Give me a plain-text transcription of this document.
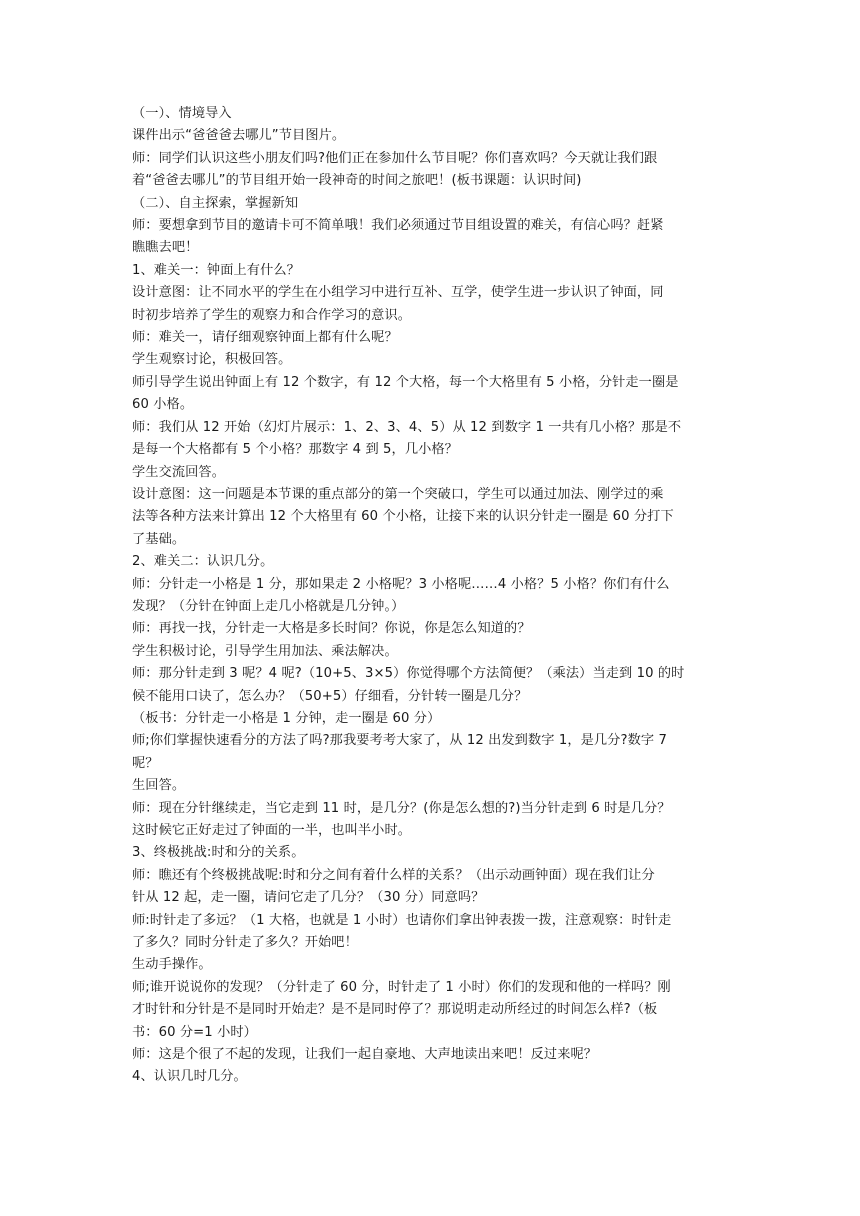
（一）、情境导入

课件出示“爸爸爸去哪儿”节目图片。

师：同学们认识这些小朋友们吗?他们正在参加什么节目呢？你们喜欢吗？今天就让我们跟

着“爸爸去哪儿”的节目组开始一段神奇的时间之旅吧！(板书课题：认识时间)

（二）、自主探索，掌握新知

师：要想拿到节目的邀请卡可不简单哦！我们必须通过节目组设置的难关，有信心吗？赶紧

瞧瞧去吧！

1、难关一：钟面上有什么？

设计意图：让不同水平的学生在小组学习中进行互补、互学，使学生进一步认识了钟面，同

时初步培养了学生的观察力和合作学习的意识。

师：难关一，请仔细观察钟面上都有什么呢？

学生观察讨论，积极回答。

师引导学生说出钟面上有 12 个数字，有 12 个大格，每一个大格里有 5 小格，分针走一圈是

60 小格。

师：我们从 12 开始（幻灯片展示：1、2、3、4、5）从 12 到数字 1 一共有几小格？那是不

是每一个大格都有 5 个小格？那数字 4 到 5，几小格？

学生交流回答。

设计意图：这一问题是本节课的重点部分的第一个突破口，学生可以通过加法、刚学过的乘

法等各种方法来计算出 12 个大格里有 60 个小格，让接下来的认识分针走一圈是 60 分打下

了基础。

2、难关二：认识几分。

师：分针走一小格是 1 分，那如果走 2 小格呢？3 小格呢……4 小格？5 小格？你们有什么

发现？（分针在钟面上走几小格就是几分钟。）

师：再找一找，分针走一大格是多长时间？你说，你是怎么知道的？

学生积极讨论，引导学生用加法、乘法解决。

师：那分针走到 3 呢？4 呢?（10+5、3×5）你觉得哪个方法简便？（乘法）当走到 10 的时

候不能用口诀了，怎么办？（50+5）仔细看，分针转一圈是几分？

（板书：分针走一小格是 1 分钟，走一圈是 60 分）

师;你们掌握快速看分的方法了吗?那我要考考大家了，从 12 出发到数字 1，是几分?数字 7

呢？

生回答。

师：现在分针继续走，当它走到 11 时，是几分？(你是怎么想的?)当分针走到 6 时是几分？

这时候它正好走过了钟面的一半，也叫半小时。

3、终极挑战:时和分的关系。

师：瞧还有个终极挑战呢:时和分之间有着什么样的关系？（出示动画钟面）现在我们让分

针从 12 起，走一圈，请问它走了几分？（30 分）同意吗？

师:时针走了多远？（1 大格，也就是 1 小时）也请你们拿出钟表拨一拨，注意观察：时针走

了多久？同时分针走了多久？开始吧！

生动手操作。

师;谁开说说你的发现？（分针走了 60 分，时针走了 1 小时）你们的发现和他的一样吗？刚

才时针和分针是不是同时开始走？是不是同时停了？那说明走动所经过的时间怎么样?（板

书：60 分=1 小时）

师：这是个很了不起的发现，让我们一起自豪地、大声地读出来吧！反过来呢？

4、认识几时几分。
